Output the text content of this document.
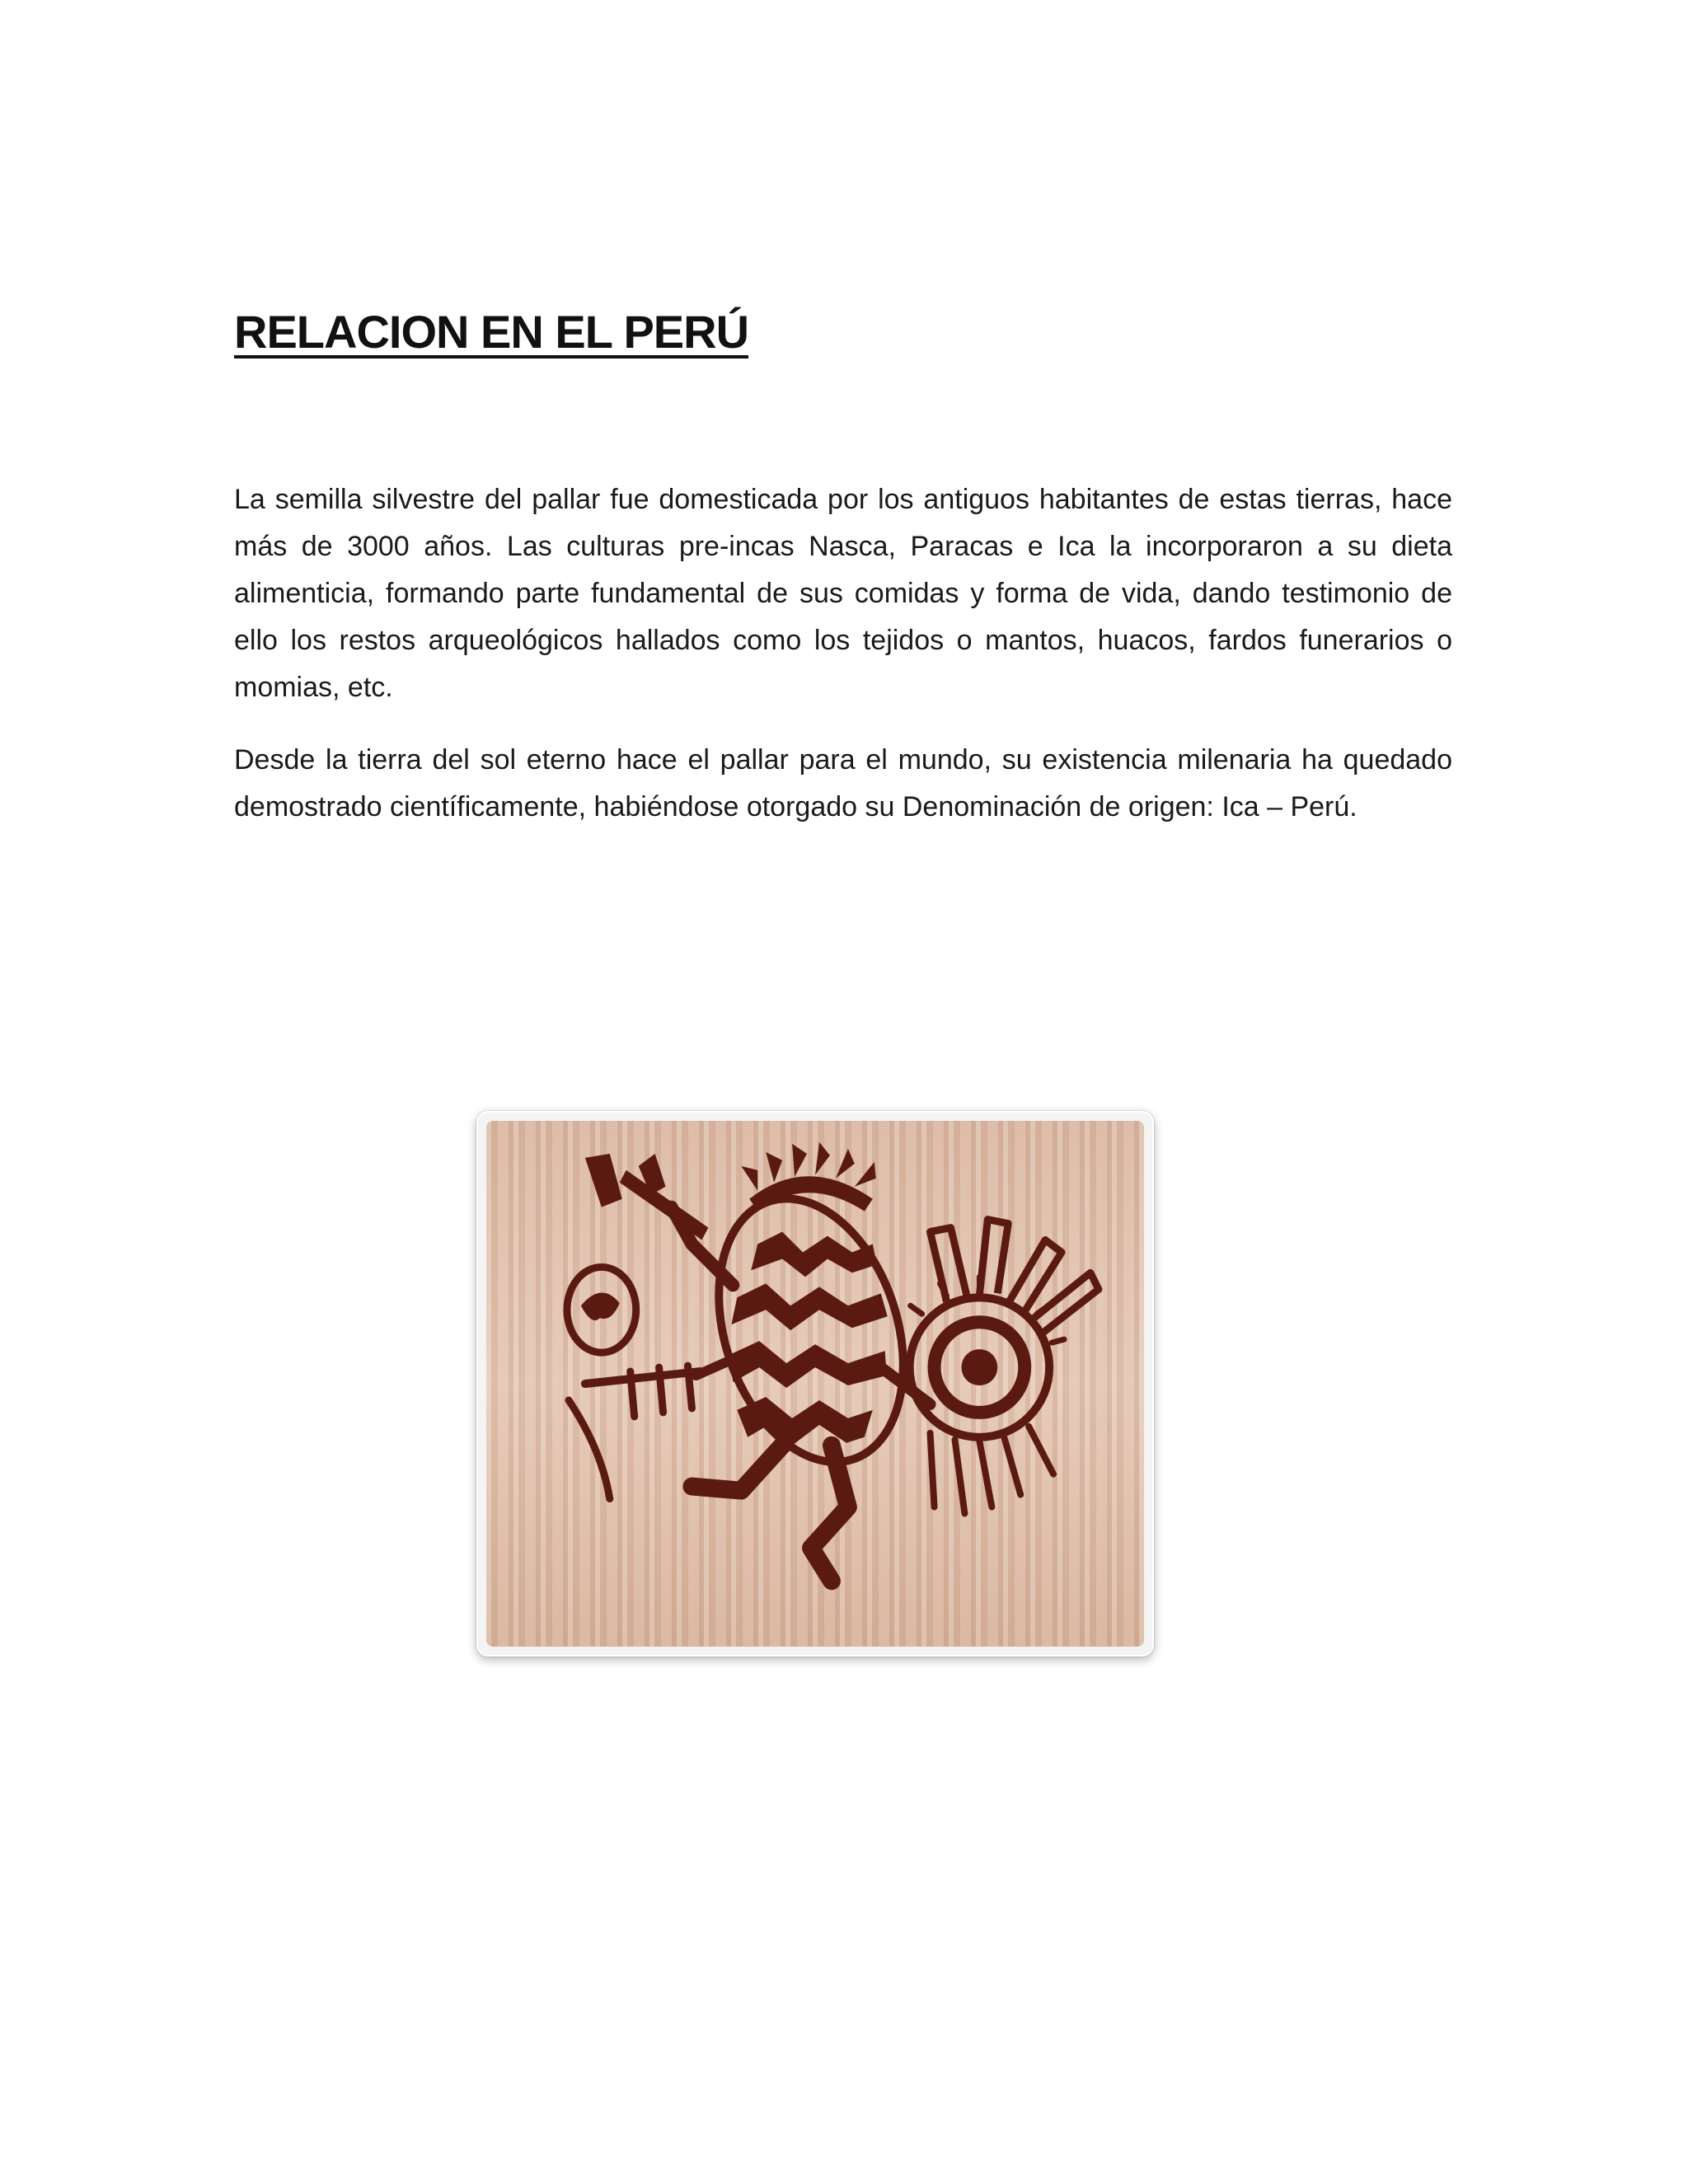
RELACION EN EL PERÚ

La semilla silvestre del pallar fue domesticada por los antiguos habitantes de estas tierras, hace más de 3000 años. Las culturas pre-incas Nasca, Paracas e Ica la incorporaron a su dieta alimenticia, formando parte fundamental de sus comidas y forma de vida, dando testimonio de ello los restos arqueológicos hallados como los tejidos o mantos, huacos, fardos funerarios o momias, etc.

Desde la tierra del sol eterno hace el pallar para el mundo, su existencia milenaria ha quedado demostrado científicamente, habiéndose otorgado su Denominación de origen: Ica – Perú.
